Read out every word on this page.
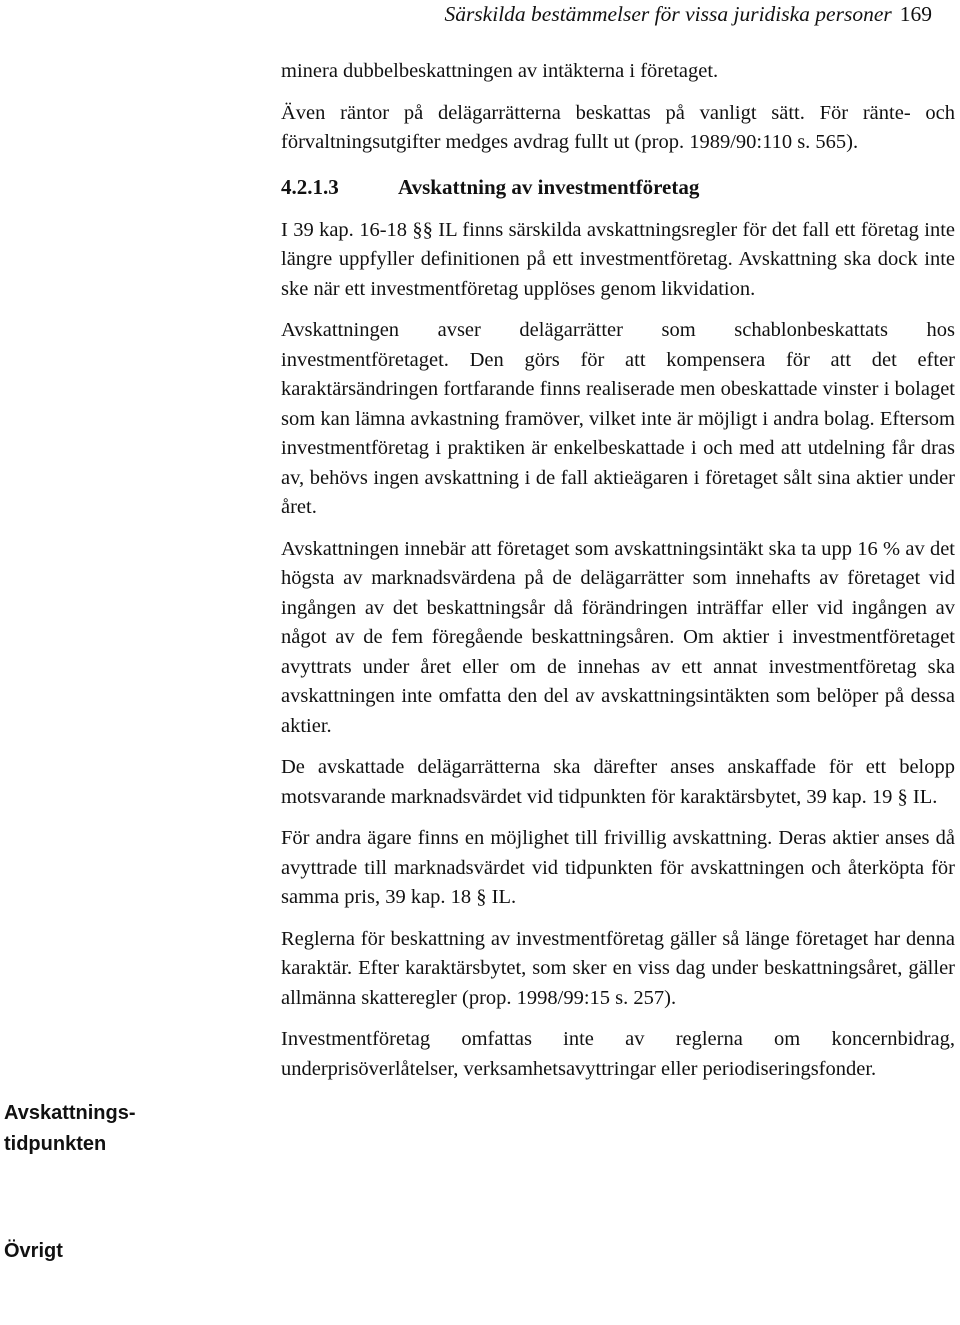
Särskilda bestämmelser för vissa juridiska personer 169
Avskattnings-
tidpunkten
Övrigt

minera dubbelbeskattningen av intäkterna i företaget.

Även räntor på delägarrätterna beskattas på vanligt sätt. För ränte- och förvaltningsutgifter medges avdrag fullt ut (prop. 1989/90:110 s. 565).

4.2.1.3	Avskattning av investmentföretag

I 39 kap. 16-18 §§ IL finns särskilda avskattningsregler för det fall ett företag inte längre uppfyller definitionen på ett investmentföretag. Avskattning ska dock inte ske när ett investmentföretag upplöses genom likvidation.

Avskattningen avser delägarrätter som schablonbeskattats hos investmentföretaget. Den görs för att kompensera för att det efter karaktärsändringen fortfarande finns realiserade men obeskattade vinster i bolaget som kan lämna avkastning framöver, vilket inte är möjligt i andra bolag. Eftersom investmentföretag i praktiken är enkelbeskattade i och med att utdelning får dras av, behövs ingen avskattning i de fall aktieägaren i företaget sålt sina aktier under året.

Avskattningen innebär att företaget som avskattningsintäkt ska ta upp 16 % av det högsta av marknadsvärdena på de delägarrätter som innehafts av företaget vid ingången av det beskattningsår då förändringen inträffar eller vid ingången av något av de fem föregående beskattningsåren. Om aktier i investmentföretaget avyttrats under året eller om de innehas av ett annat investmentföretag ska avskattningen inte omfatta den del av avskattningsintäkten som belöper på dessa aktier.

De avskattade delägarrätterna ska därefter anses anskaffade för ett belopp motsvarande marknadsvärdet vid tidpunkten för karaktärsbytet, 39 kap. 19 § IL.

För andra ägare finns en möjlighet till frivillig avskattning. Deras aktier anses då avyttrade till marknadsvärdet vid tidpunkten för avskattningen och återköpta för samma pris, 39 kap. 18 § IL.

Reglerna för beskattning av investmentföretag gäller så länge företaget har denna karaktär. Efter karaktärsbytet, som sker en viss dag under beskattningsåret, gäller allmänna skatteregler (prop. 1998/99:15 s. 257).

Investmentföretag omfattas inte av reglerna om koncernbidrag, underprisöverlåtelser, verksamhetsavyttringar eller periodiseringsfonder.
